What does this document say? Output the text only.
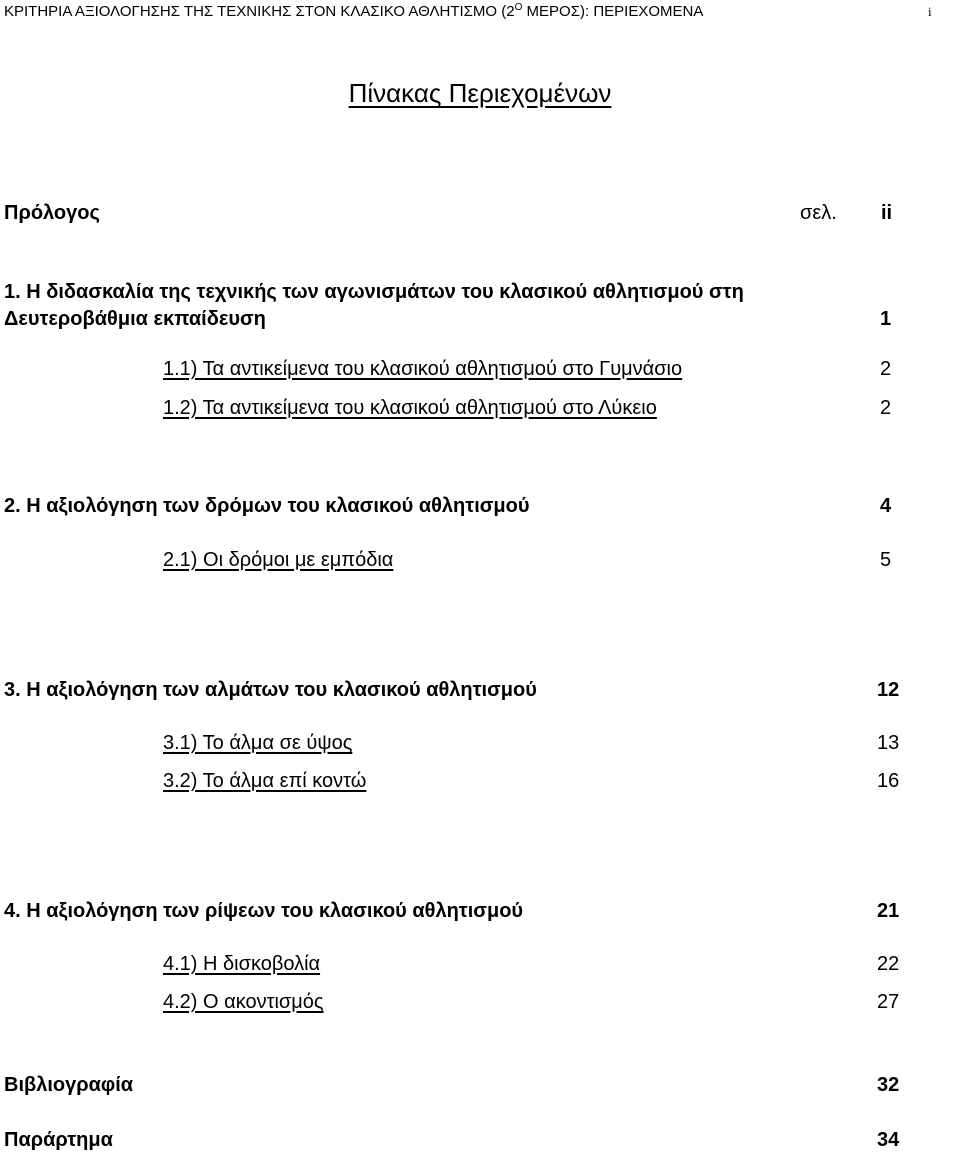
ΚΡΙΤΗΡΙΑ ΑΞΙΟΛΟΓΗΣΗΣ ΤΗΣ ΤΕΧΝΙΚΗΣ ΣΤΟΝ ΚΛΑΣΙΚΟ ΑΘΛΗΤΙΣΜΟ ($2^O$ ΜΕΡΟΣ): ΠΕΡΙΕΧΟΜΕΝΑ	i
Πίνακας Περιεχομένων
Πρόλογος	σελ. ii
1. Η διδασκαλία της τεχνικής των αγωνισμάτων του κλασικού αθλητισμού στη
Δευτεροβάθμια εκπαίδευση	1
1.1) Τα αντικείμενα του κλασικού αθλητισμού στο Γυμνάσιο	2
1.2) Τα αντικείμενα του κλασικού αθλητισμού στο Λύκειο	2
2. Η αξιολόγηση των δρόμων του κλασικού αθλητισμού	4
2.1) Οι δρόμοι με εμπόδια	5
3. Η αξιολόγηση των αλμάτων του κλασικού αθλητισμού	12
3.1) Το άλμα σε ύψος	13
3.2) Το άλμα επί κοντώ	16
4. Η αξιολόγηση των ρίψεων του κλασικού αθλητισμού	21
4.1) Η δισκοβολία	22
4.2) Ο ακοντισμός	27
Βιβλιογραφία	32
Παράρτημα	34
